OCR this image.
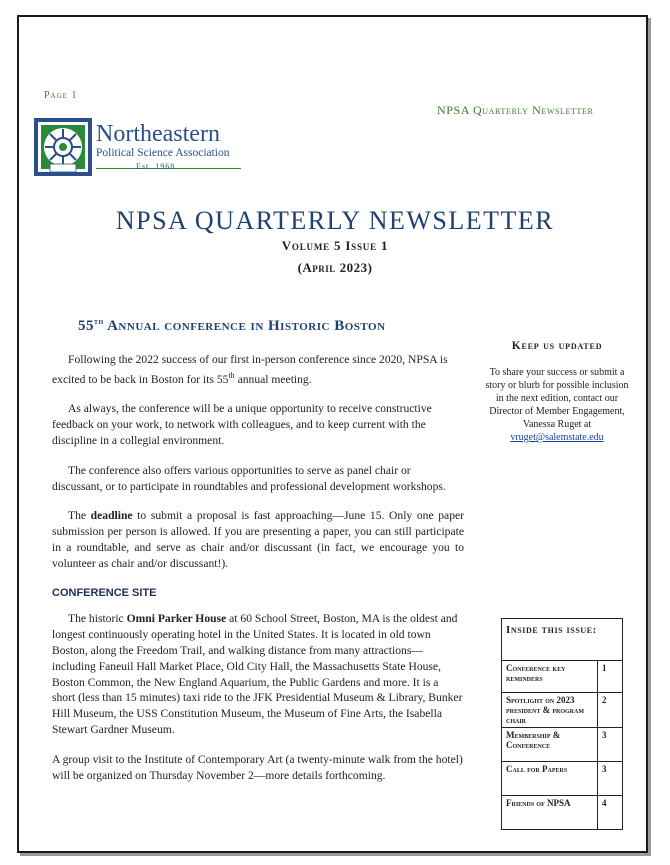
Page 1
NPSA Quarterly Newsletter
Northeastern
Political Science Association
Est. 1968
NPSA QUARTERLY NEWSLETTER
Volume 5 Issue 1
(April 2023)
55th Annual conference in Historic Boston

Following the 2022 success of our first in-person conference since 2020, NPSA is excited to be back in Boston for its 55th annual meeting.

As always, the conference will be a unique opportunity to receive constructive feedback on your work, to network with colleagues, and to keep current with the discipline in a collegial environment.

The conference also offers various opportunities to serve as panel chair or discussant, or to participate in roundtables and professional development workshops.

The deadline to submit a proposal is fast approaching—June 15. Only one paper submission per person is allowed. If you are presenting a paper, you can still participate in a roundtable, and serve as chair and/or discussant (in fact, we encourage you to volunteer as chair and/or discussant!).

CONFERENCE SITE

The historic Omni Parker House at 60 School Street, Boston, MA is the oldest and longest continuously operating hotel in the United States. It is located in old town Boston, along the Freedom Trail, and walking distance from many attractions—including Faneuil Hall Market Place, Old City Hall, the Massachusetts State House, Boston Common, the New England Aquarium, the Public Gardens and more. It is a short (less than 15 minutes) taxi ride to the JFK Presidential Museum & Library, Bunker Hill Museum, the USS Constitution Museum, the Museum of Fine Arts, the Isabella Stewart Gardner Museum.

A group visit to the Institute of Contemporary Art (a twenty-minute walk from the hotel) will be organized on Thursday November 2—more details forthcoming.

Keep us updated
To share your success or submit a story or blurb for possible inclusion in the next edition, contact our Director of Member Engagement, Vanessa Ruget at vruget@salemstate.edu
Inside this issue:	
Conference key reminders	1
Spotlight on 2023 president & program chair	2
Membership & Conference	3
Call for Papers	3
Friends of NPSA	4
